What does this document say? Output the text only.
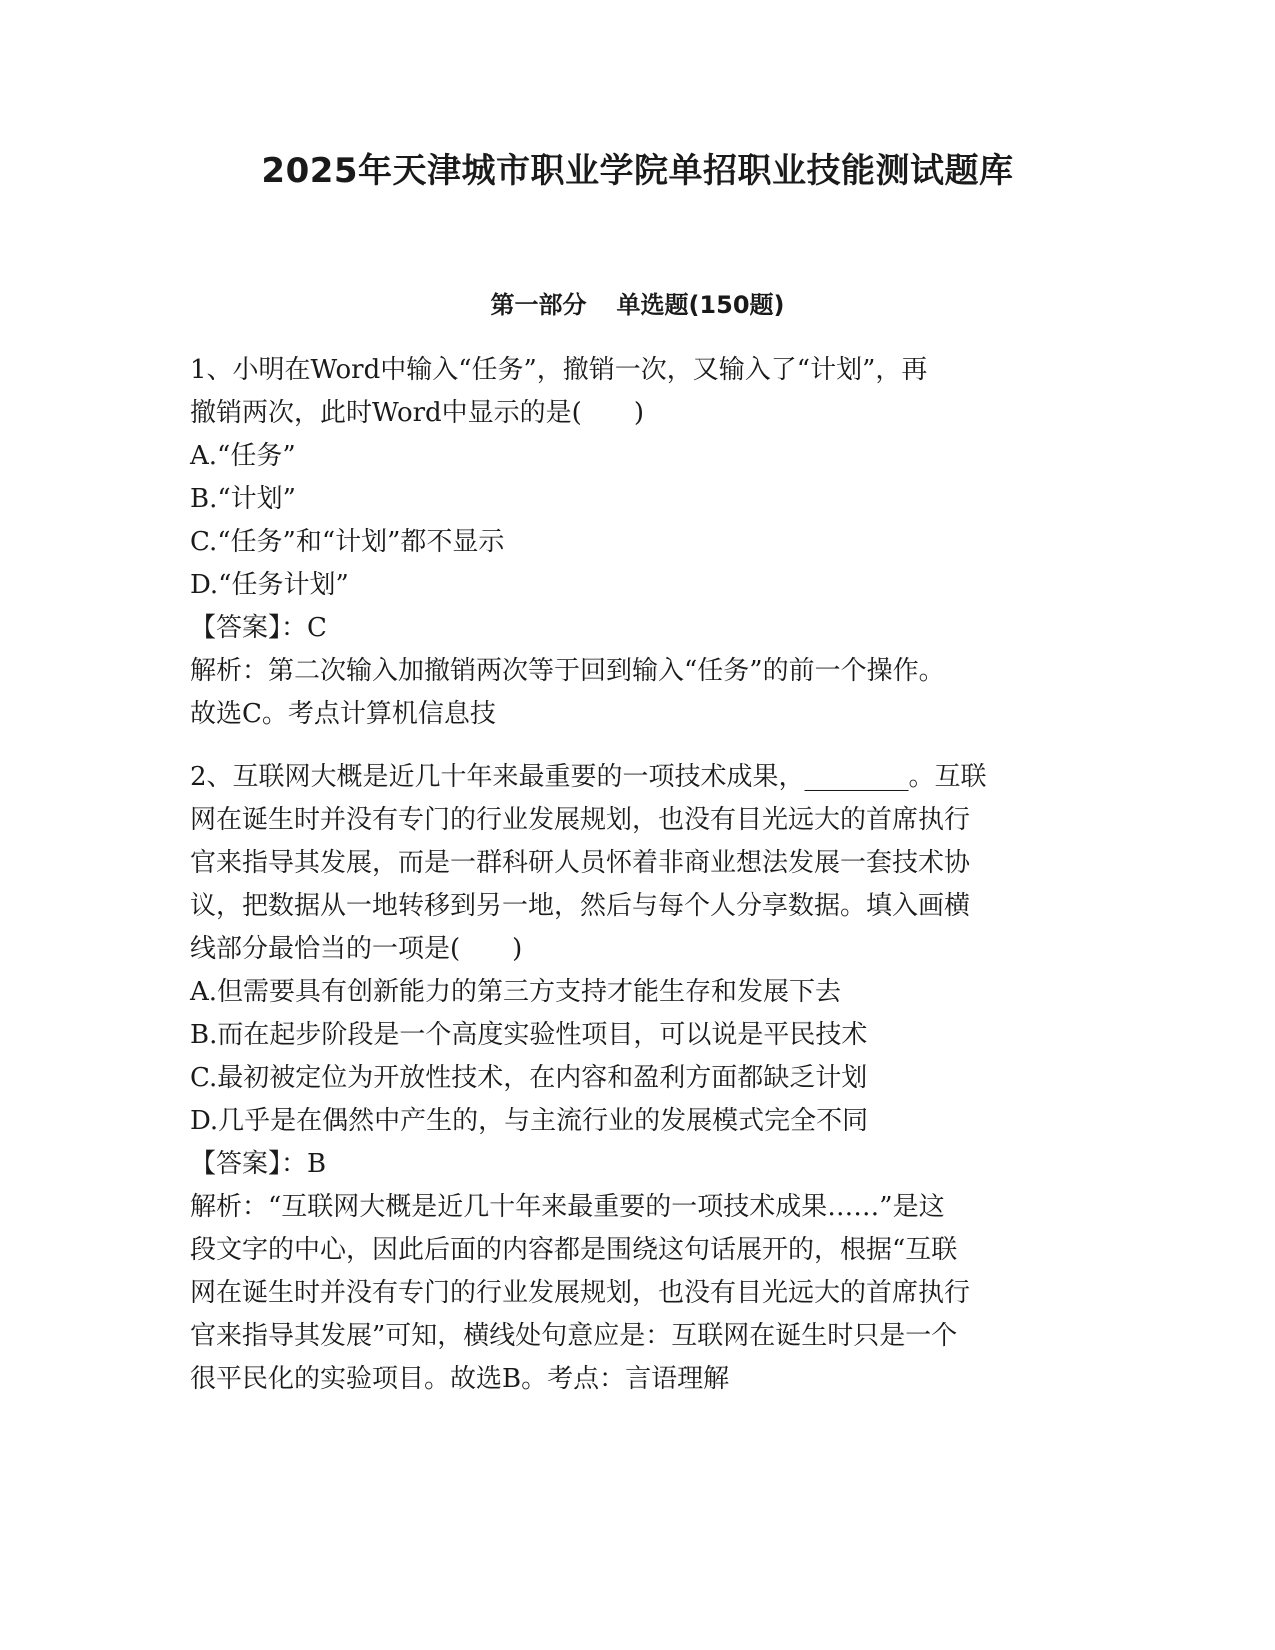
2025年天津城市职业学院单招职业技能测试题库
第一部分 单选题(150题)
1、小明在Word中输入“任务”，撤销一次，又输入了“计划”，再
撤销两次，此时Word中显示的是(　　)
A.“任务”
B.“计划”
C.“任务”和“计划”都不显示
D.“任务计划”
【答案】：C
解析：第二次输入加撤销两次等于回到输入“任务”的前一个操作。
故选C。考点计算机信息技
2、互联网大概是近几十年来最重要的一项技术成果，________。互联
网在诞生时并没有专门的行业发展规划，也没有目光远大的首席执行
官来指导其发展，而是一群科研人员怀着非商业想法发展一套技术协
议，把数据从一地转移到另一地，然后与每个人分享数据。填入画横
线部分最恰当的一项是(　　)
A.但需要具有创新能力的第三方支持才能生存和发展下去
B.而在起步阶段是一个高度实验性项目，可以说是平民技术
C.最初被定位为开放性技术，在内容和盈利方面都缺乏计划
D.几乎是在偶然中产生的，与主流行业的发展模式完全不同
【答案】：B
解析：“互联网大概是近几十年来最重要的一项技术成果……”是这
段文字的中心，因此后面的内容都是围绕这句话展开的，根据“互联
网在诞生时并没有专门的行业发展规划，也没有目光远大的首席执行
官来指导其发展”可知，横线处句意应是：互联网在诞生时只是一个
很平民化的实验项目。故选B。考点：言语理解
